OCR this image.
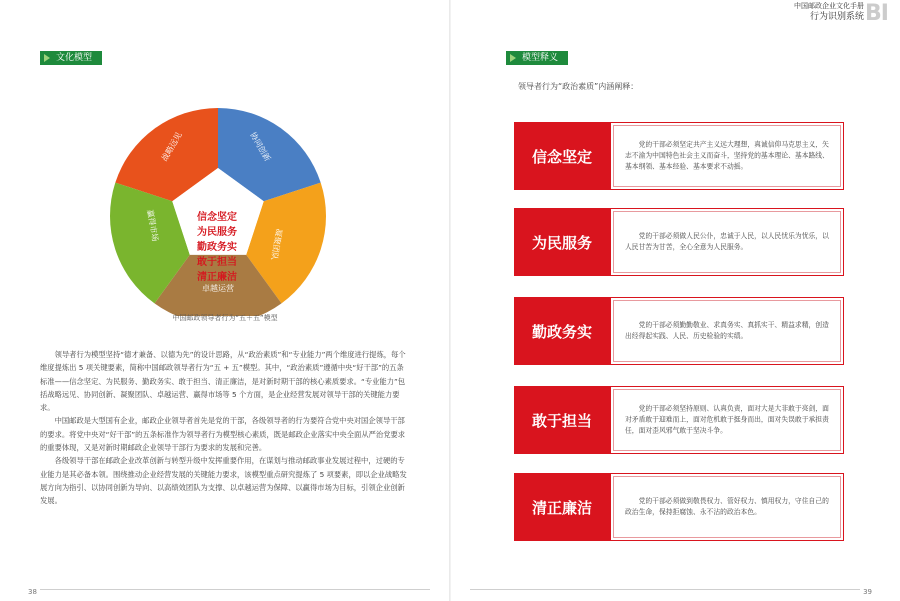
文化模型
战略远见	协同创新
凝聚团队
卓越运营
赢得市场	信念坚定
为民服务
勤政务实
敢于担当
清正廉洁
中国邮政领导者行为“五＋五”模型

领导者行为模型坚持“德才兼备、以德为先”的设计思路，从“政治素质”和“专业能力”两个维度进行提炼，每个维度提炼出 5 项关键要素，简称中国邮政领导者行为“五 + 五”模型。其中，“政治素质”遵循中央“好干部”的五条标准——信念坚定、为民服务、勤政务实、敢于担当、清正廉洁，是对新时期干部的核心素质要求。“专业能力”包括战略远见、协同创新、凝聚团队、卓越运营、赢得市场等 5 个方面，是企业经营发展对领导干部的关键能力要求。

中国邮政是大型国有企业，邮政企业领导者首先是党的干部，各级领导者的行为要符合党中央对国企领导干部的要求。将党中央对“好干部”的五条标准作为领导者行为模型核心素质，既是邮政企业落实中央全面从严治党要求的重要体现，又是对新时期邮政企业领导干部行为要求的发展和完善。

各级领导干部在邮政企业改革创新与转型升级中发挥重要作用，在谋划与推动邮政事业发展过程中，过硬的专业能力是其必备本领。围绕推动企业经营发展的关键能力要求，该模型重点研究提炼了 5 项要素，即以企业战略发展方向为指引、以协同创新为导向、以高绩效团队为支撑、以卓越运营为保障、以赢得市场为目标，引领企业创新发展。

38
中国邮政企业文化手册
行为识别系统 BI
模型释义
领导者行为“政治素质”内涵阐释：
信念坚定
党的干部必须坚定共产主义远大理想，真诚信仰马克思主义，矢志不渝为中国特色社会主义而奋斗，坚持党的基本理论、基本路线、基本纲领、基本经验、基本要求不动摇。
为民服务	党的干部必须做人民公仆，忠诚于人民，以人民忧乐为忧乐，以人民甘苦为甘苦，全心全意为人民服务。
勤政务实	党的干部必须勤勤敬业、求真务实、真抓实干、精益求精，创造出经得起实践、人民、历史检验的实绩。
敢于担当
党的干部必须坚持原则、认真负责，面对大是大非敢于亮剑，面对矛盾敢于迎难而上，面对危机敢于挺身而出，面对失误敢于承担责任，面对歪风邪气敢于坚决斗争。
清正廉洁	党的干部必须做到敬畏权力、管好权力、慎用权力，守住自己的政治生命，保持拒腐蚀、永不沾的政治本色。
39
